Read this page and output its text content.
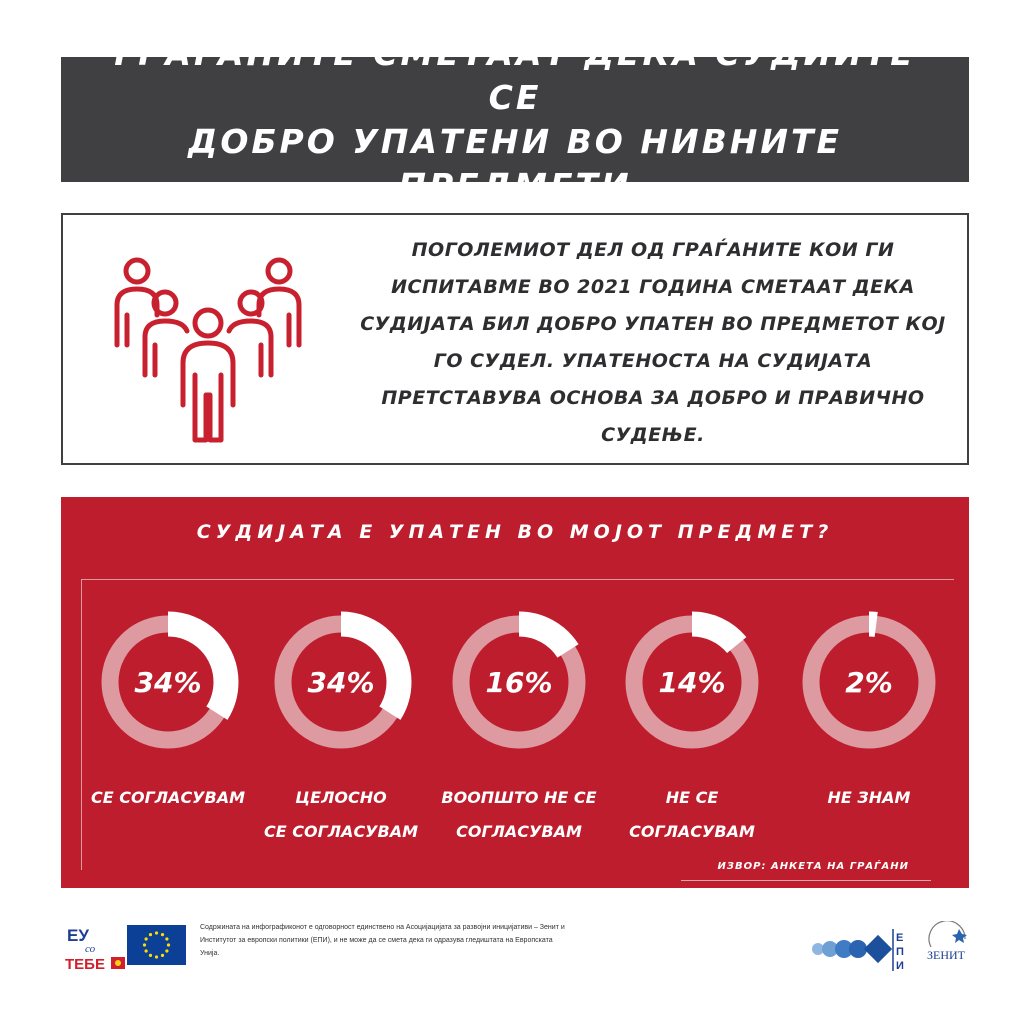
ГРАЃАНИТЕ СМЕТААТ ДЕКА СУДИИТЕ СЕ
ДОБРО УПАТЕНИ ВО НИВНИТЕ ПРЕДМЕТИ
ПОГОЛЕМИОТ ДЕЛ ОД ГРАЃАНИТЕ КОИ ГИ ИСПИТАВМЕ ВО 2021 ГОДИНА СМЕТААТ ДЕКА СУДИЈАТА БИЛ ДОБРО УПАТЕН ВО ПРЕДМЕТОТ КОЈ ГО СУДЕЛ. УПАТЕНОСТА НА СУДИЈАТА ПРЕТСТАВУВА ОСНОВА ЗА ДОБРО И ПРАВИЧНО СУДЕЊЕ.
СУДИЈАТА Е УПАТЕН ВО МОЈОТ ПРЕДМЕТ?
34%
СЕ СОГЛАСУВАМ
34%
ЦЕЛОСНО
СЕ СОГЛАСУВАМ
16%
ВООПШТО НЕ СЕ
СОГЛАСУВАМ
14%
НЕ СЕ
СОГЛАСУВАМ
2%
НЕ ЗНАМ
ИЗВОР: АНКЕТА НА ГРАЃАНИ
ЕУ
со
ТЕБЕ
Содржината на инфографиконот е одговорност единствено на Асоцијацијата за развојни иницијативи – Зенит и Институтот за европски политики (ЕПИ), и не може да се смета дека ги одразува гледиштата на Европската Унија.
Е
П
И
ЗЕНИТ
